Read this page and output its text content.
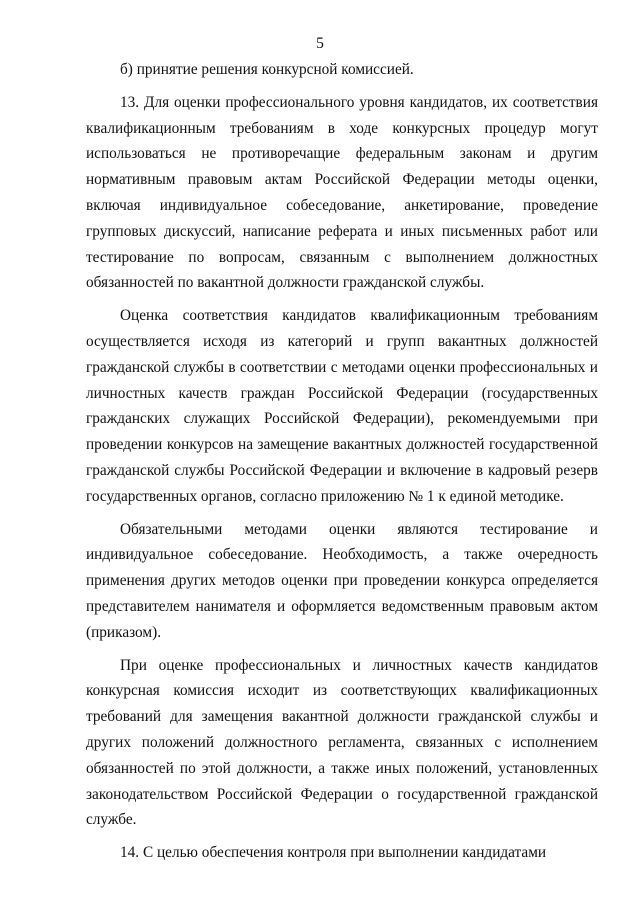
5

б) принятие решения конкурсной комиссией.

13. Для оценки профессионального уровня кандидатов, их соответствия квалификационным требованиям в ходе конкурсных процедур могут использоваться не противоречащие федеральным законам и другим нормативным правовым актам Российской Федерации методы оценки, включая индивидуальное собеседование, анкетирование, проведение групповых дискуссий, написание реферата и иных письменных работ или тестирование по вопросам, связанным с выполнением должностных обязанностей по вакантной должности гражданской службы.

Оценка соответствия кандидатов квалификационным требованиям осуществляется исходя из категорий и групп вакантных должностей гражданской службы в соответствии с методами оценки профессиональных и личностных качеств граждан Российской Федерации (государственных гражданских служащих Российской Федерации), рекомендуемыми при проведении конкурсов на замещение вакантных должностей государственной гражданской службы Российской Федерации и включение в кадровый резерв государственных органов, согласно приложению № 1 к единой методике.

Обязательными методами оценки являются тестирование и индивидуальное собеседование. Необходимость, а также очередность применения других методов оценки при проведении конкурса определяется представителем нанимателя и оформляется ведомственным правовым актом (приказом).

При оценке профессиональных и личностных качеств кандидатов конкурсная комиссия исходит из соответствующих квалификационных требований для замещения вакантной должности гражданской службы и других положений должностного регламента, связанных с исполнением обязанностей по этой должности, а также иных положений, установленных законодательством Российской Федерации о государственной гражданской службе.

14. С целью обеспечения контроля при выполнении кандидатами
